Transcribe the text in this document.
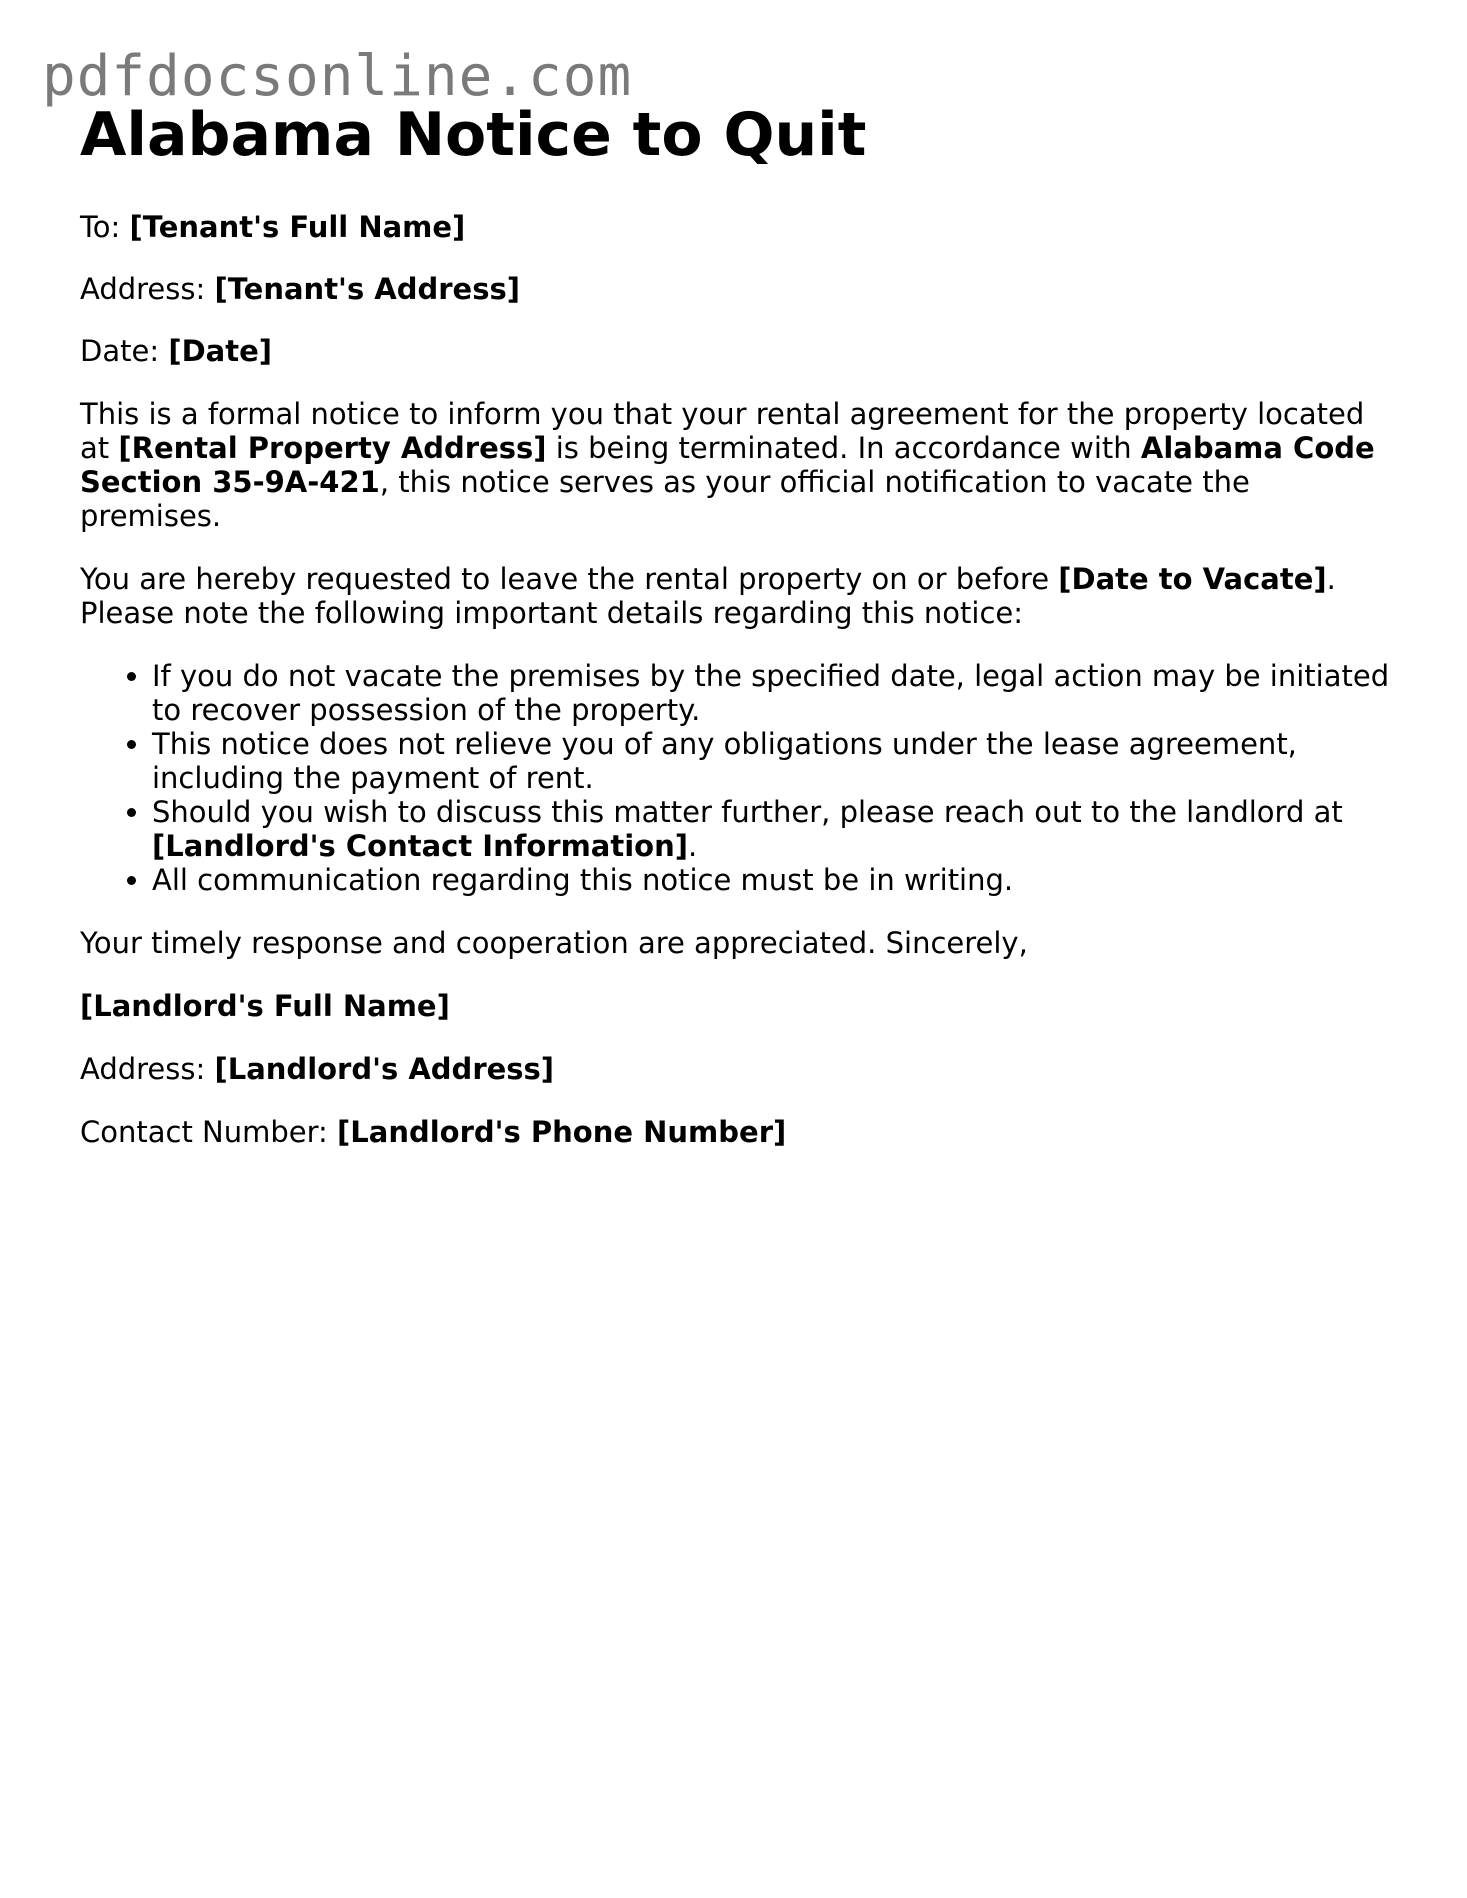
pdfdocsonline.com
Alabama Notice to Quit

To: [Tenant's Full Name]

Address: [Tenant's Address]

Date: [Date]

This is a formal notice to inform you that your rental agreement for the property located at [Rental Property Address] is being terminated. In accordance with Alabama Code Section 35-9A-421, this notice serves as your official notification to vacate the premises.

You are hereby requested to leave the rental property on or before [Date to Vacate]. Please note the following important details regarding this notice:

• If you do not vacate the premises by the specified date, legal action may be initiated to recover possession of the property.
• This notice does not relieve you of any obligations under the lease agreement, including the payment of rent.
• Should you wish to discuss this matter further, please reach out to the landlord at [Landlord's Contact Information].
• All communication regarding this notice must be in writing.

Your timely response and cooperation are appreciated. Sincerely,

[Landlord's Full Name]

Address: [Landlord's Address]

Contact Number: [Landlord's Phone Number]
